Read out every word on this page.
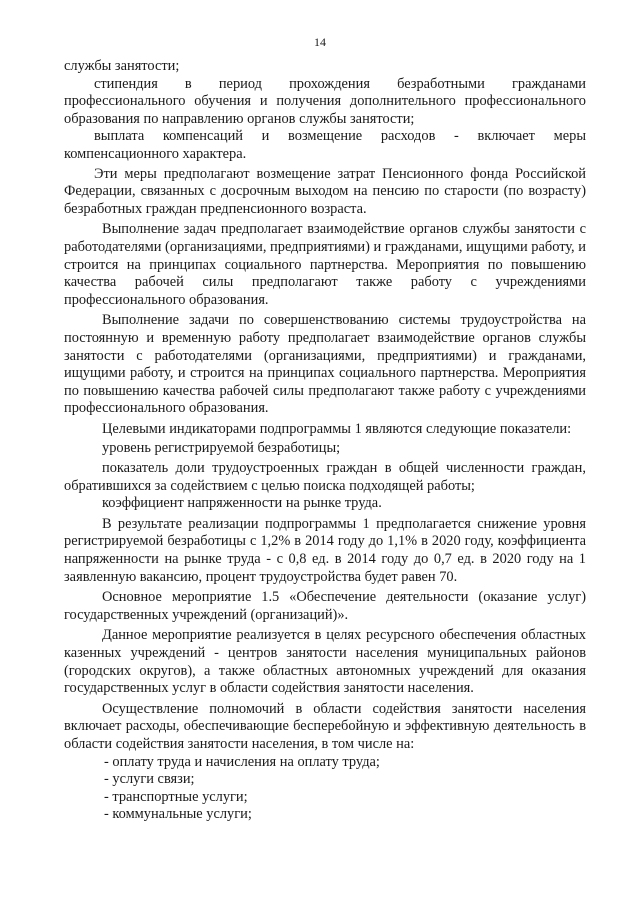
14

службы занятости;

стипендия в период прохождения безработными гражданами профессионального обучения и получения дополнительного профессионального образования по направлению органов службы занятости;

выплата компенсаций и возмещение расходов - включает меры компенсационного характера.

Эти меры предполагают возмещение затрат Пенсионного фонда Российской Федерации, связанных с досрочным выходом на пенсию по старости (по возрасту) безработных граждан предпенсионного возраста.

Выполнение задач предполагает взаимодействие органов службы занятости с работодателями (организациями, предприятиями) и гражданами, ищущими работу, и строится на принципах социального партнерства. Мероприятия по повышению качества рабочей силы предполагают также работу с учреждениями профессионального образования.

Выполнение задачи по совершенствованию системы трудоустройства на постоянную и временную работу предполагает взаимодействие органов службы занятости с работодателями (организациями, предприятиями) и гражданами, ищущими работу, и строится на принципах социального партнерства. Мероприятия по повышению качества рабочей силы предполагают также работу с учреждениями профессионального образования.

Целевыми индикаторами подпрограммы 1 являются следующие показатели:

уровень регистрируемой безработицы;

показатель доли трудоустроенных граждан в общей численности граждан, обратившихся за содействием с целью поиска подходящей работы;

коэффициент напряженности на рынке труда.

В результате реализации подпрограммы 1 предполагается снижение уровня регистрируемой безработицы с 1,2% в 2014 году до 1,1% в 2020 году, коэффициента напряженности на рынке труда - с 0,8 ед. в 2014 году до 0,7 ед. в 2020 году на 1 заявленную вакансию, процент трудоустройства будет равен 70.

Основное мероприятие 1.5 «Обеспечение деятельности (оказание услуг) государственных учреждений (организаций)».

Данное мероприятие реализуется в целях ресурсного обеспечения областных казенных учреждений - центров занятости населения муниципальных районов (городских округов), а также областных автономных учреждений для оказания государственных услуг в области содействия занятости населения.

Осуществление полномочий в области содействия занятости населения включает расходы, обеспечивающие бесперебойную и эффективную деятельность в области содействия занятости населения, в том числе на:

- оплату труда и начисления на оплату труда;

- услуги связи;

- транспортные услуги;

- коммунальные услуги;
